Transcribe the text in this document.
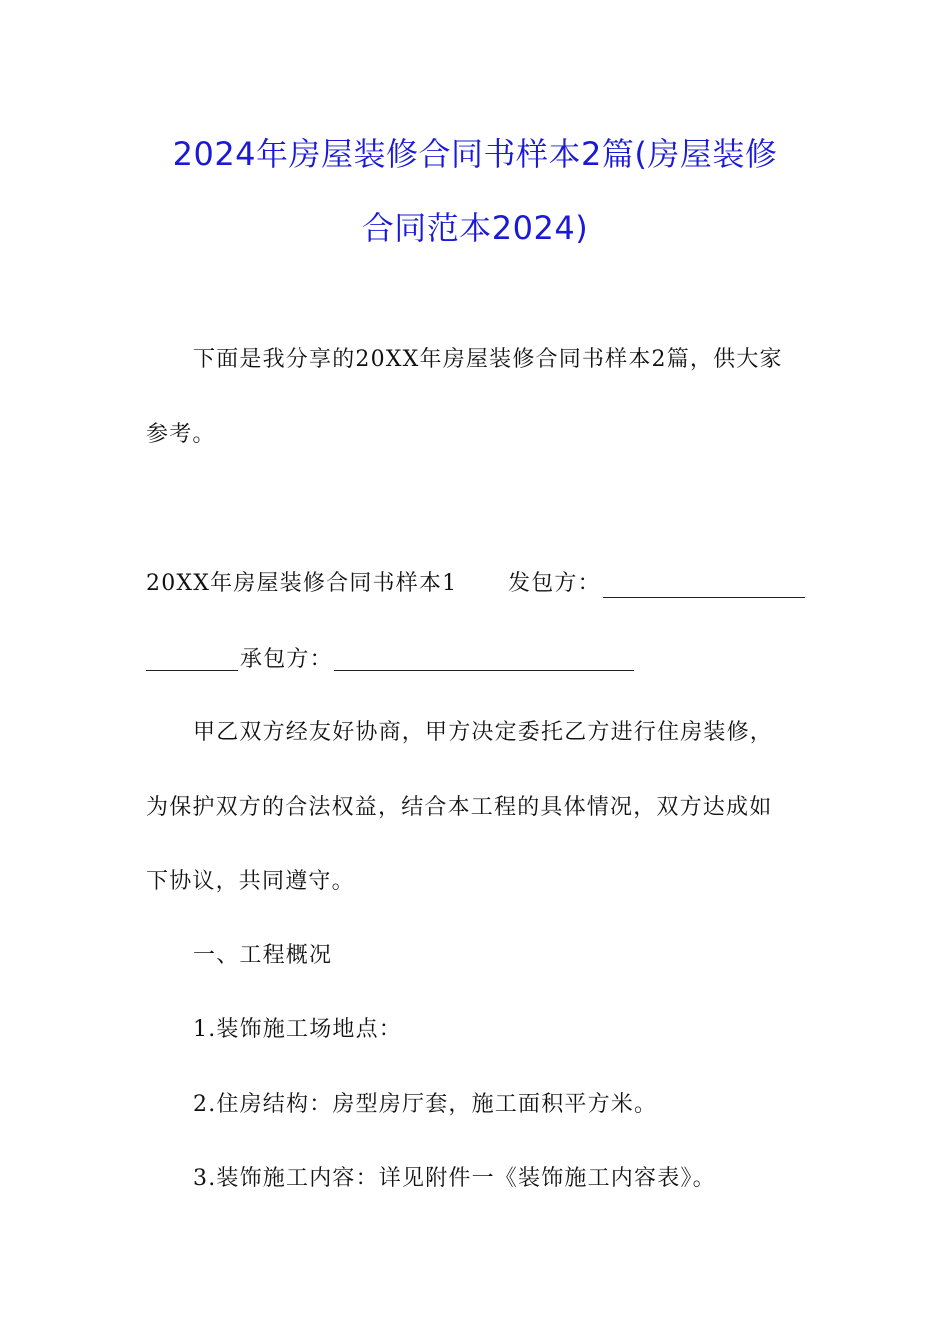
2024年房屋装修合同书样本2篇(房屋装修
合同范本2024)
下面是我分享的20XX年房屋装修合同书样本2篇，供大家
参考。
20XX年房屋装修合同书样本1 发包方：
承包方：
甲乙双方经友好协商，甲方决定委托乙方进行住房装修，
为保护双方的合法权益，结合本工程的具体情况，双方达成如
下协议，共同遵守。
一、工程概况
1.装饰施工场地点：
2.住房结构：房型房厅套，施工面积平方米。
3.装饰施工内容：详见附件一《装饰施工内容表》。
